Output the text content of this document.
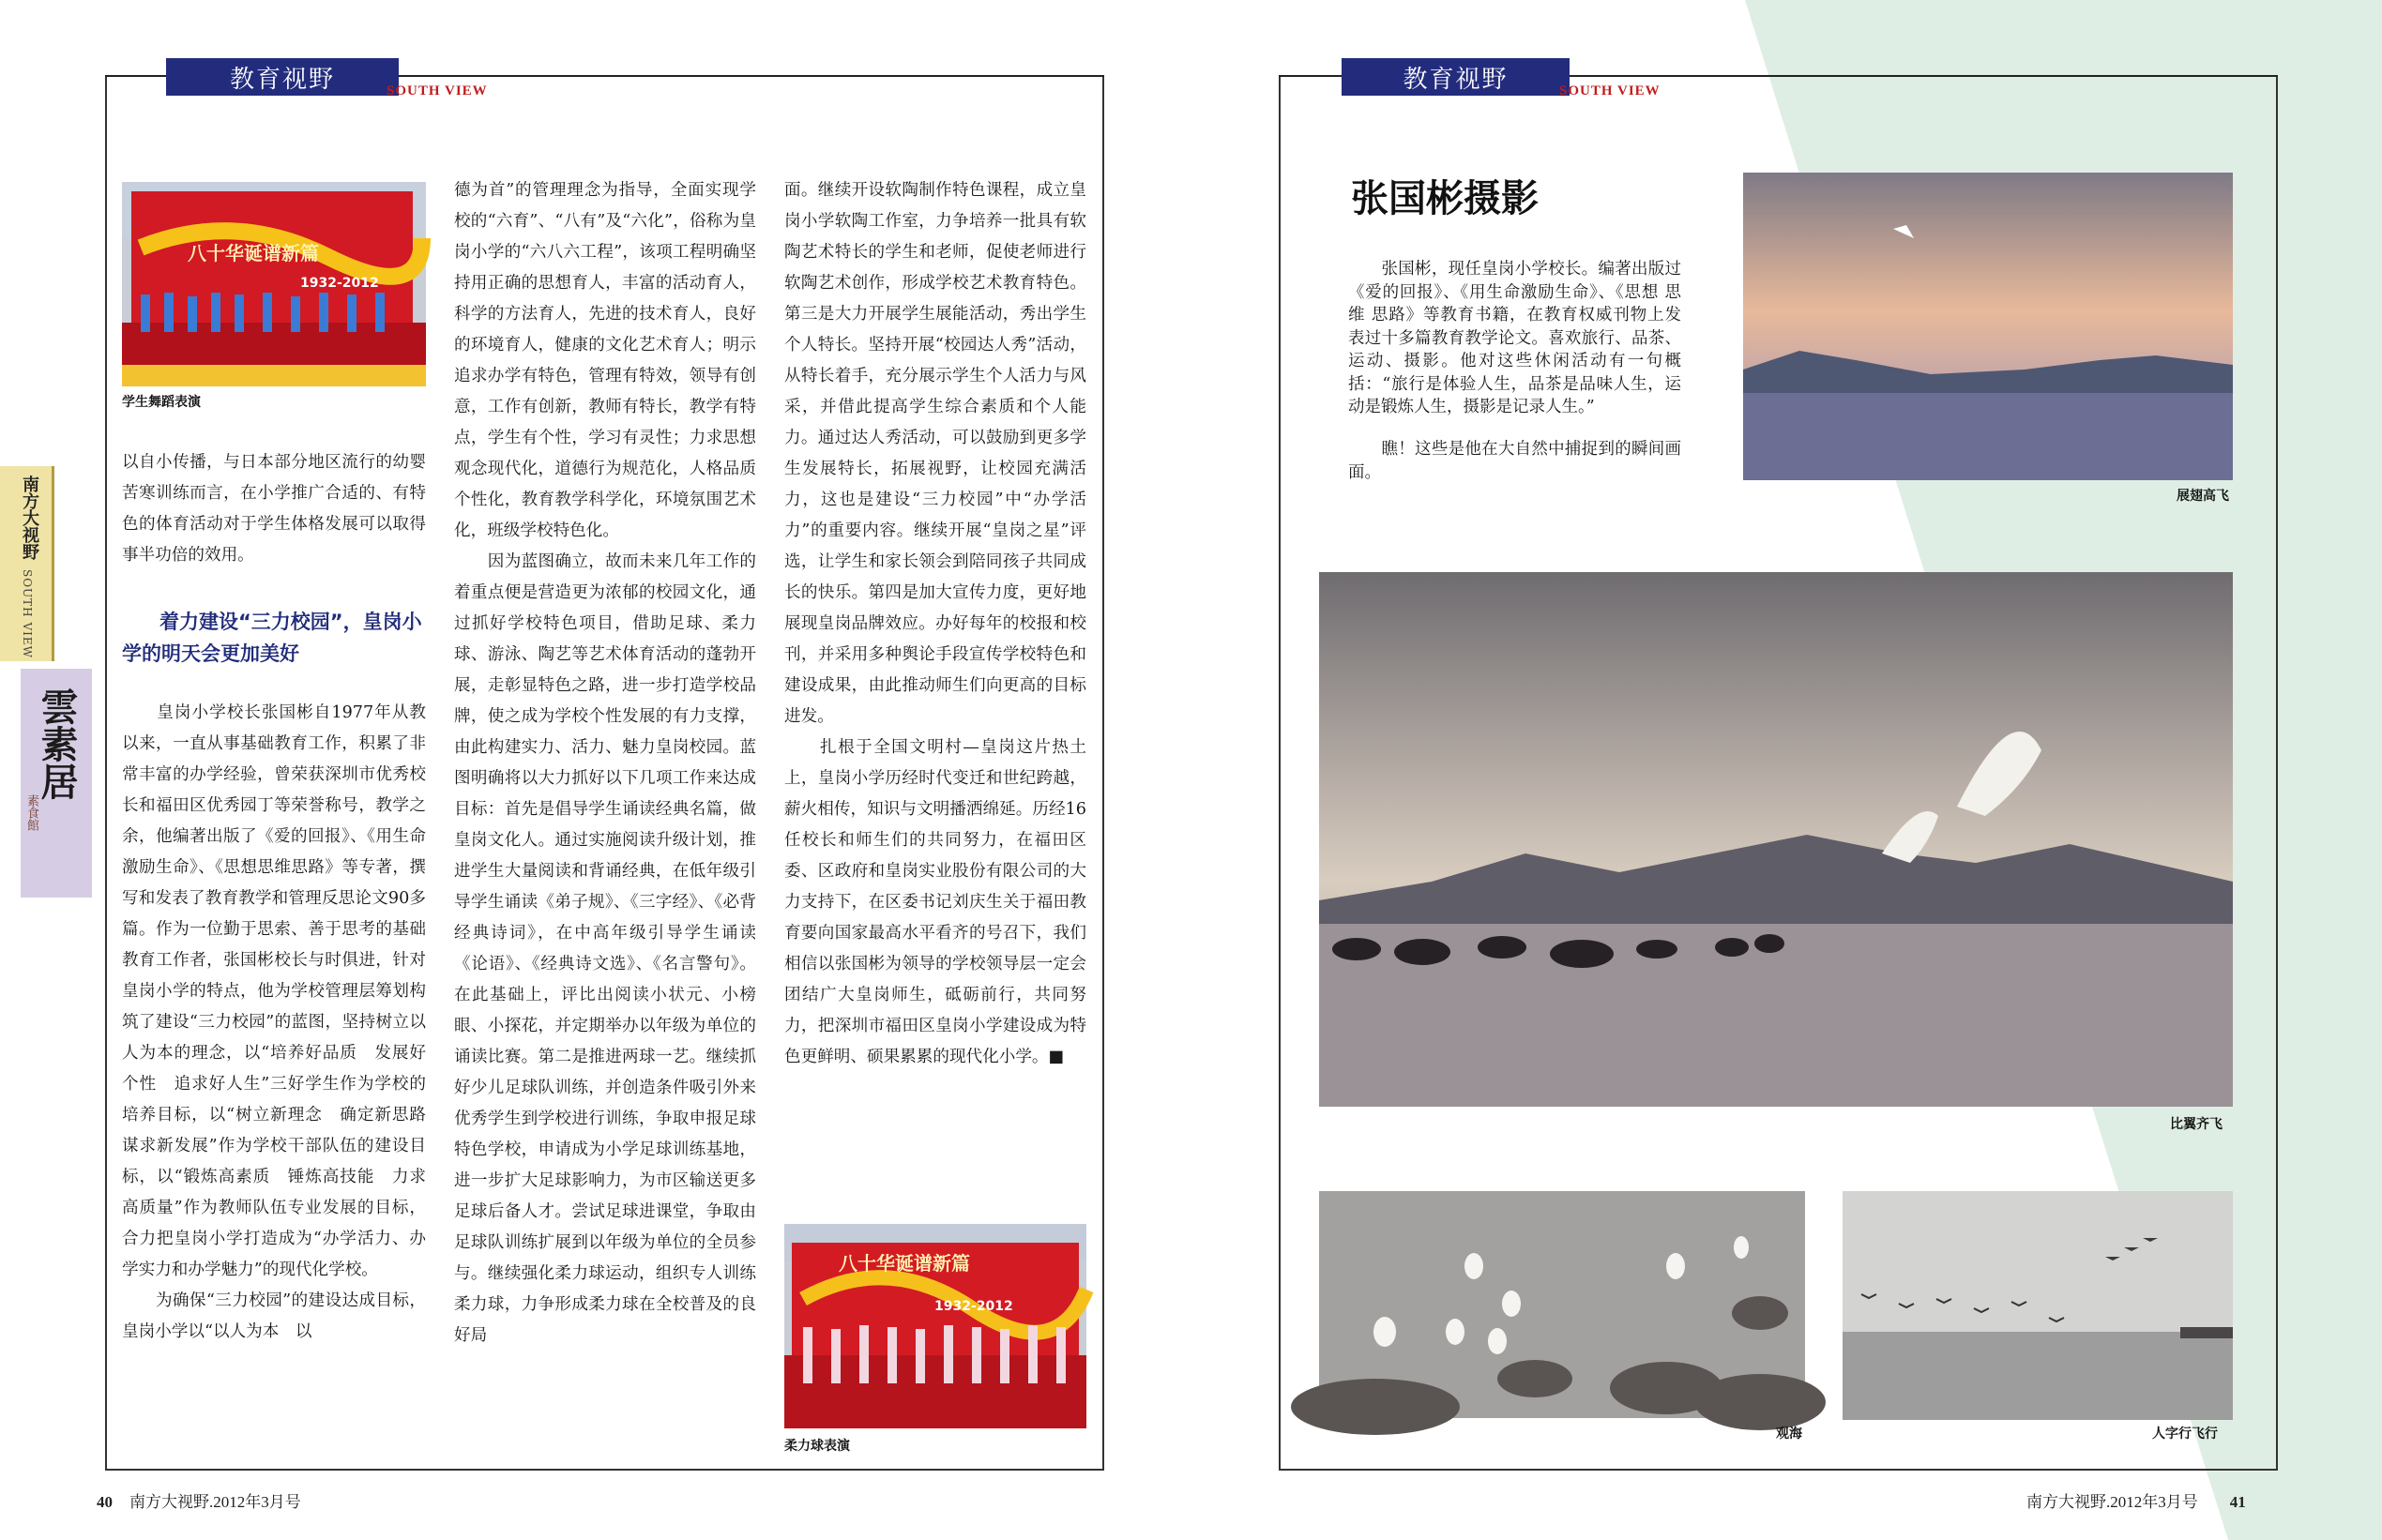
教育视野	SOUTH VIEW
南方大视野
SOUTH VIEW
雲素居
素食館
八十华诞谱新篇
1932-2012
学生舞蹈表演
以自小传播，与日本部分地区流行的幼婴苦寒训练而言，在小学推广合适的、有特色的体育活动对于学生体格发展可以取得事半功倍的效用。
着力建设“三力校园”，皇岗小学的明天会更加美好
　　皇岗小学校长张国彬自1977年从教以来，一直从事基础教育工作，积累了非常丰富的办学经验，曾荣获深圳市优秀校长和福田区优秀园丁等荣誉称号，教学之余，他编著出版了《爱的回报》、《用生命激励生命》、《思想思维思路》等专著，撰写和发表了教育教学和管理反思论文90多篇。作为一位勤于思索、善于思考的基础教育工作者，张国彬校长与时俱进，针对皇岗小学的特点，他为学校管理层筹划构筑了建设“三力校园”的蓝图，坚持树立以人为本的理念，以“培养好品质　发展好个性　追求好人生”三好学生作为学校的培养目标，以“树立新理念　确定新思路　谋求新发展”作为学校干部队伍的建设目标，以“锻炼高素质　锤炼高技能　力求高质量”作为教师队伍专业发展的目标，合力把皇岗小学打造成为“办学活力、办学实力和办学魅力”的现代化学校。
　　为确保“三力校园”的建设达成目标，皇岗小学以“以人为本　以
德为首”的管理理念为指导，全面实现学校的“六育”、“八有”及“六化”，俗称为皇岗小学的“六八六工程”，该项工程明确坚持用正确的思想育人，丰富的活动育人，科学的方法育人，先进的技术育人，良好的环境育人，健康的文化艺术育人；明示追求办学有特色，管理有特效，领导有创意，工作有创新，教师有特长，教学有特点，学生有个性，学习有灵性；力求思想观念现代化，道德行为规范化，人格品质个性化，教育教学科学化，环境氛围艺术化，班级学校特色化。
　　因为蓝图确立，故而未来几年工作的着重点便是营造更为浓郁的校园文化，通过抓好学校特色项目，借助足球、柔力球、游泳、陶艺等艺术体育活动的蓬勃开展，走彰显特色之路，进一步打造学校品牌，使之成为学校个性发展的有力支撑，由此构建实力、活力、魅力皇岗校园。蓝图明确将以大力抓好以下几项工作来达成目标：首先是倡导学生诵读经典名篇，做皇岗文化人。通过实施阅读升级计划，推进学生大量阅读和背诵经典，在低年级引导学生诵读《弟子规》、《三字经》、《必背经典诗词》，在中高年级引导学生诵读《论语》、《经典诗文选》、《名言警句》。在此基础上，评比出阅读小状元、小榜眼、小探花，并定期举办以年级为单位的诵读比赛。第二是推进两球一艺。继续抓好少儿足球队训练，并创造条件吸引外来优秀学生到学校进行训练，争取申报足球特色学校，申请成为小学足球训练基地，进一步扩大足球影响力，为市区输送更多足球后备人才。尝试足球进课堂，争取由足球队训练扩展到以年级为单位的全员参与。继续强化柔力球运动，组织专人训练柔力球，力争形成柔力球在全校普及的良好局
面。继续开设软陶制作特色课程，成立皇岗小学软陶工作室，力争培养一批具有软陶艺术特长的学生和老师，促使老师进行软陶艺术创作，形成学校艺术教育特色。第三是大力开展学生展能活动，秀出学生个人特长。坚持开展“校园达人秀”活动，从特长着手，充分展示学生个人活力与风采，并借此提高学生综合素质和个人能力。通过达人秀活动，可以鼓励到更多学生发展特长，拓展视野，让校园充满活力，这也是建设“三力校园”中“办学活力”的重要内容。继续开展“皇岗之星”评选，让学生和家长领会到陪同孩子共同成长的快乐。第四是加大宣传力度，更好地展现皇岗品牌效应。办好每年的校报和校刊，并采用多种舆论手段宣传学校特色和建设成果，由此推动师生们向更高的目标进发。
　　扎根于全国文明村—皇岗这片热土上，皇岗小学历经时代变迁和世纪跨越，薪火相传，知识与文明播洒绵延。历经16任校长和师生们的共同努力，在福田区委、区政府和皇岗实业股份有限公司的大力支持下，在区委书记刘庆生关于福田教育要向国家最高水平看齐的号召下，我们相信以张国彬为领导的学校领导层一定会团结广大皇岗师生，砥砺前行，共同努力，把深圳市福田区皇岗小学建设成为特色更鲜明、硕果累累的现代化小学。■
八十华诞谱新篇
1932-2012
柔力球表演
40 南方大视野.2012年3月号
教育视野	SOUTH VIEW
张国彬摄影
　　张国彬，现任皇岗小学校长。编著出版过《爱的回报》、《用生命激励生命》、《思想 思维 思路》等教育书籍，在教育权威刊物上发表过十多篇教育教学论文。喜欢旅行、品茶、运动、摄影。他对这些休闲活动有一句概括：“旅行是体验人生，品茶是品味人生，运动是锻炼人生，摄影是记录人生。”
　　瞧！这些是他在大自然中捕捉到的瞬间画面。
展翅高飞
比翼齐飞
观海	人字行飞行
南方大视野.2012年3月号 41
